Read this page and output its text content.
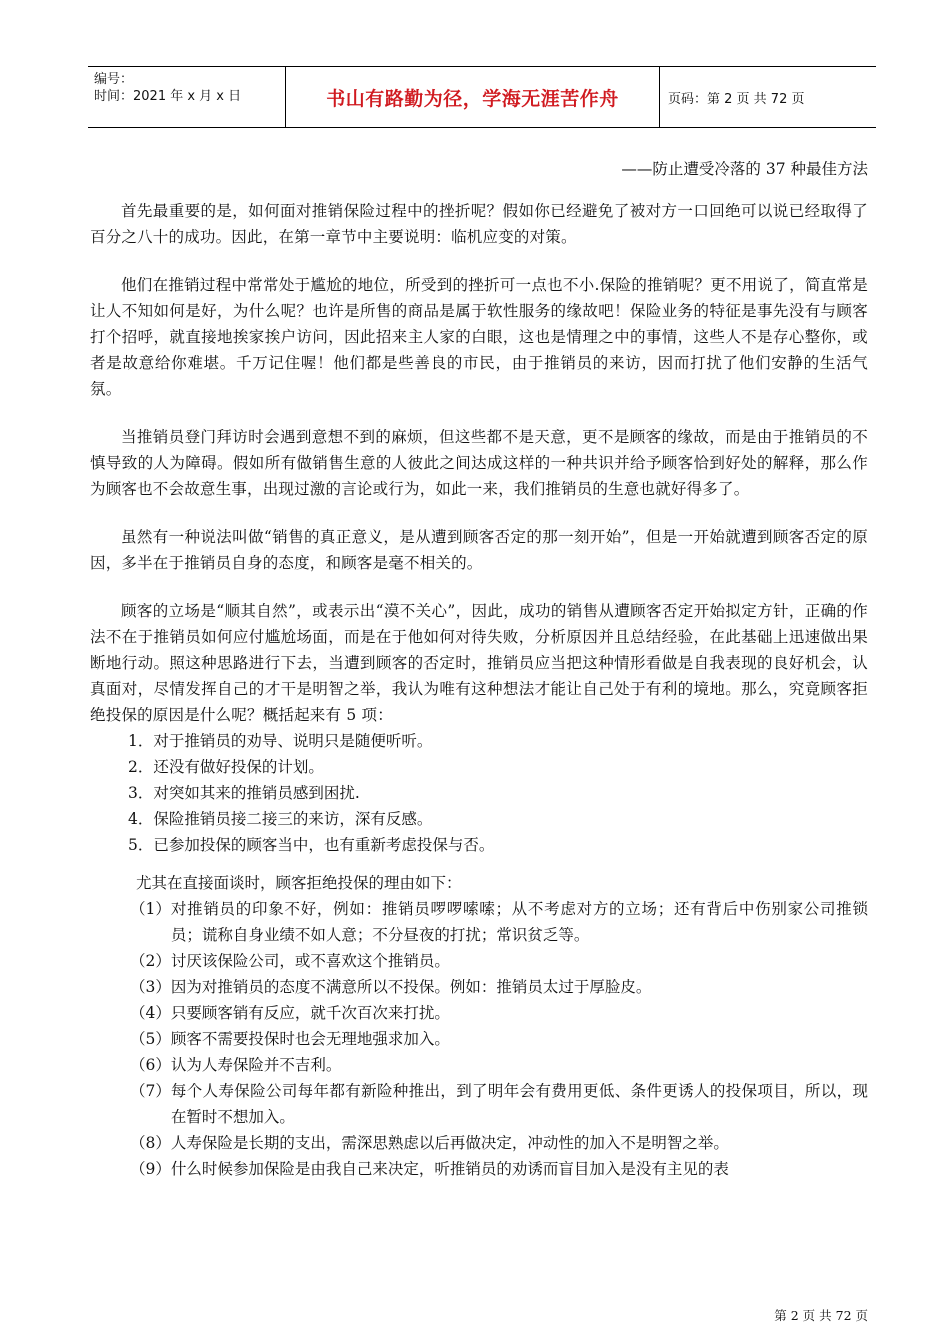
编号：
时间：2021 年 x 月 x 日	书山有路勤为径，学海无涯苦作舟	页码：第 2 页 共 72 页
——防止遭受冷落的 37 种最佳方法

首先最重要的是，如何面对推销保险过程中的挫折呢？假如你已经避免了被对方一口回绝可以说已经取得了百分之八十的成功。因此，在第一章节中主要说明：临机应变的对策。

他们在推销过程中常常处于尴尬的地位，所受到的挫折可一点也不小.保险的推销呢？更不用说了，简直常是让人不知如何是好，为什么呢？也许是所售的商品是属于软性服务的缘故吧！保险业务的特征是事先没有与顾客打个招呼，就直接地挨家挨户访问，因此招来主人家的白眼，这也是情理之中的事情，这些人不是存心整你，或者是故意给你难堪。千万记住喔！他们都是些善良的市民，由于推销员的来访，因而打扰了他们安静的生活气氛。

当推销员登门拜访时会遇到意想不到的麻烦，但这些都不是天意，更不是顾客的缘故，而是由于推销员的不慎导致的人为障碍。假如所有做销售生意的人彼此之间达成这样的一种共识并给予顾客恰到好处的解释，那么作为顾客也不会故意生事，出现过激的言论或行为，如此一来，我们推销员的生意也就好得多了。

虽然有一种说法叫做“销售的真正意义，是从遭到顾客否定的那一刻开始”，但是一开始就遭到顾客否定的原因，多半在于推销员自身的态度，和顾客是毫不相关的。

顾客的立场是“顺其自然”，或表示出“漠不关心”，因此，成功的销售从遭顾客否定开始拟定方针，正确的作法不在于推销员如何应付尴尬场面，而是在于他如何对待失败，分析原因并且总结经验，在此基础上迅速做出果断地行动。照这种思路进行下去，当遭到顾客的否定时，推销员应当把这种情形看做是自我表现的良好机会，认真面对，尽情发挥自己的才干是明智之举，我认为唯有这种想法才能让自己处于有利的境地。那么，究竟顾客拒绝投保的原因是什么呢？概括起来有 5 项：

1．对于推销员的劝导、说明只是随便听听。
2．还没有做好投保的计划。
3．对突如其来的推销员感到困扰.
4．保险推销员接二接三的来访，深有反感。
5．已参加投保的顾客当中，也有重新考虑投保与否。

尤其在直接面谈时，顾客拒绝投保的理由如下：

（1） 对推销员的印象不好，例如：推销员啰啰嗦嗦；从不考虑对方的立场；还有背后中伤别家公司推锁员；谎称自身业绩不如人意；不分昼夜的打扰；常识贫乏等。
（2） 讨厌该保险公司，或不喜欢这个推销员。
（3） 因为对推销员的态度不满意所以不投保。例如：推销员太过于厚脸皮。
（4） 只要顾客销有反应，就千次百次来打扰。
（5） 顾客不需要投保时也会无理地强求加入。
（6） 认为人寿保险并不吉利。
（7） 每个人寿保险公司每年都有新险种推出，到了明年会有费用更低、条件更诱人的投保项目，所以，现在暂时不想加入。
（8） 人寿保险是长期的支出，需深思熟虑以后再做决定，冲动性的加入不是明智之举。
（9） 什么时候参加保险是由我自己来决定，听推销员的劝诱而盲目加入是没有主见的表
第 2 页 共 72 页
